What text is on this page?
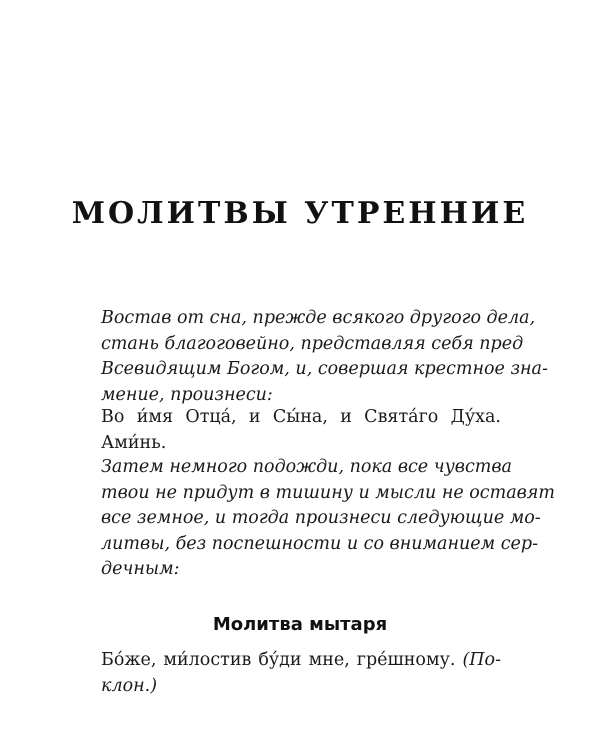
МОЛИТВЫ УТРЕННИЕ
Востав от сна, прежде всякого другого дела,
стань благоговейно, представляя себя пред
Всевидящим Богом, и, совершая крестное зна-
мение, произнеси:
Во и́мя Отца́, и Сы́на, и Свята́го Ду́ха.
Ами́нь.
Затем немного подожди, пока все чувства
твои не придут в тишину и мысли не оставят
все земное, и тогда произнеси следующие мо-
литвы, без поспешности и со вниманием сер-
дечным:
Молитва мытаря
Бо́же, ми́лостив бу́ди мне, гре́шному. (По-
клон.)
